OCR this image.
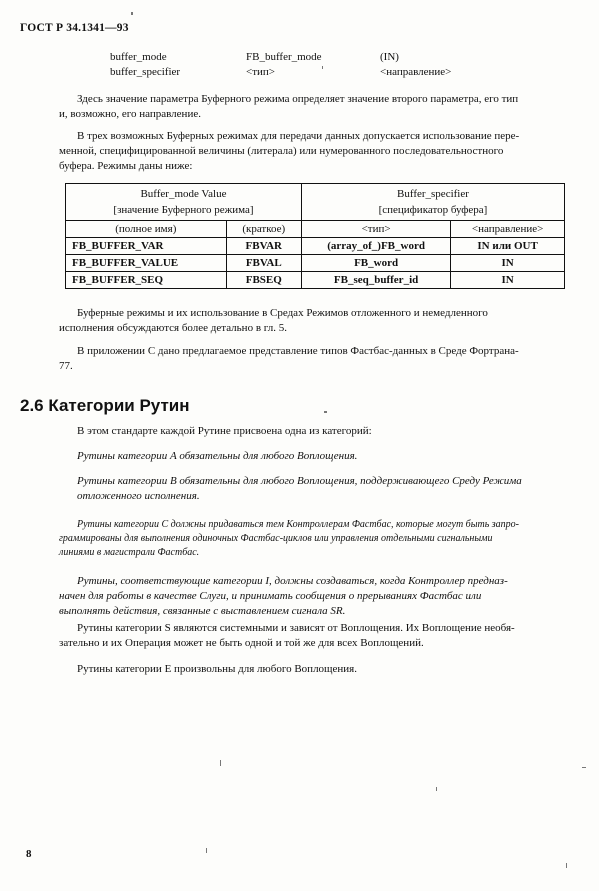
ГОСТ Р 34.1341—93
buffer_mode	FB_buffer_mode	(IN)
buffer_specifier	<тип>	<направление>
Здесь значение параметра Буферного режима определяет значение второго параметра, его тип
и, возможно, его направление.
В трех возможных Буферных режимах для передачи данных допускается использование пере-
менной, специфицированной величины (литерала) или нумерованного последовательностного
буфера. Режимы даны ниже:
Buffer_mode Value		Buffer_specifier	
[значение Буферного режима]		[спецификатор буфера]	
(полное имя)	(краткое)	<тип>	<направление>
FB_BUFFER_VAR	FBVAR	(array_of_)FB_word	IN или OUT
FB_BUFFER_VALUE	FBVAL	FB_word	IN
FB_BUFFER_SEQ	FBSEQ	FB_seq_buffer_id	IN
Буферные режимы и их использование в Средах Режимов отложенного и немедленного
исполнения обсуждаются более детально в гл. 5.
В приложении С дано предлагаемое представление типов Фастбас-данных в Среде Фортрана-
77.
2.6 Категории Рутин
В этом стандарте каждой Рутине присвоена одна из категорий:
Рутины категории А обязательны для любого Воплощения.
Рутины категории В обязательны для любого Воплощения, поддерживающего Среду Режима
отложенного исполнения.
Рутины категории С должны придаваться тем Контроллерам Фастбас, которые могут быть запро-
граммированы для выполнения одиночных Фастбас-циклов или управления отдельными сигнальными
линиями в магистрали Фастбас.
Рутины, соответствующие категории I, должны создаваться, когда Контроллер предназ-
начен для работы в качестве Слуги, и принимать сообщения о прерываниях Фастбас или
выполнять действия, связанные с выставлением сигнала SR.
Рутины категории S являются системными и зависят от Воплощения. Их Воплощение необя-
зательно и их Операция может не быть одной и той же для всех Воплощений.
Рутины категории Е произвольны для любого Воплощения.
8
